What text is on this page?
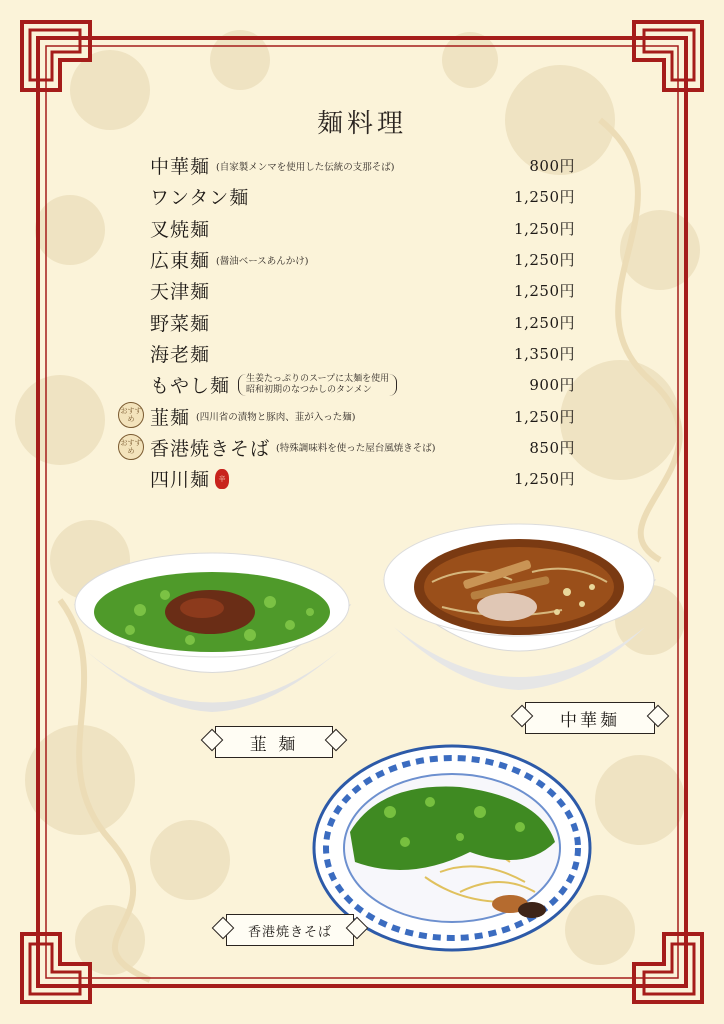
麺料理
中華麺 (自家製メンマを使用した伝統の支那そば)	800円
ワンタン麺	1,250円
叉焼麺	1,250円
広東麺 (醤油ベースあんかけ)	1,250円
天津麺	1,250円
野菜麺	1,250円
海老麺	1,350円
もやし麺 生姜たっぷりのスープに太麺を使用
昭和初期のなつかしのタンメン	900円
おすすめ 韮麺 (四川省の漬物と豚肉、韮が入った麺)	1,250円
おすすめ 香港焼きそば (特殊調味料を使った屋台風焼きそば)	850円
四川麺	辛	1,250円
韮 麺
中華麺
香港焼きそば
